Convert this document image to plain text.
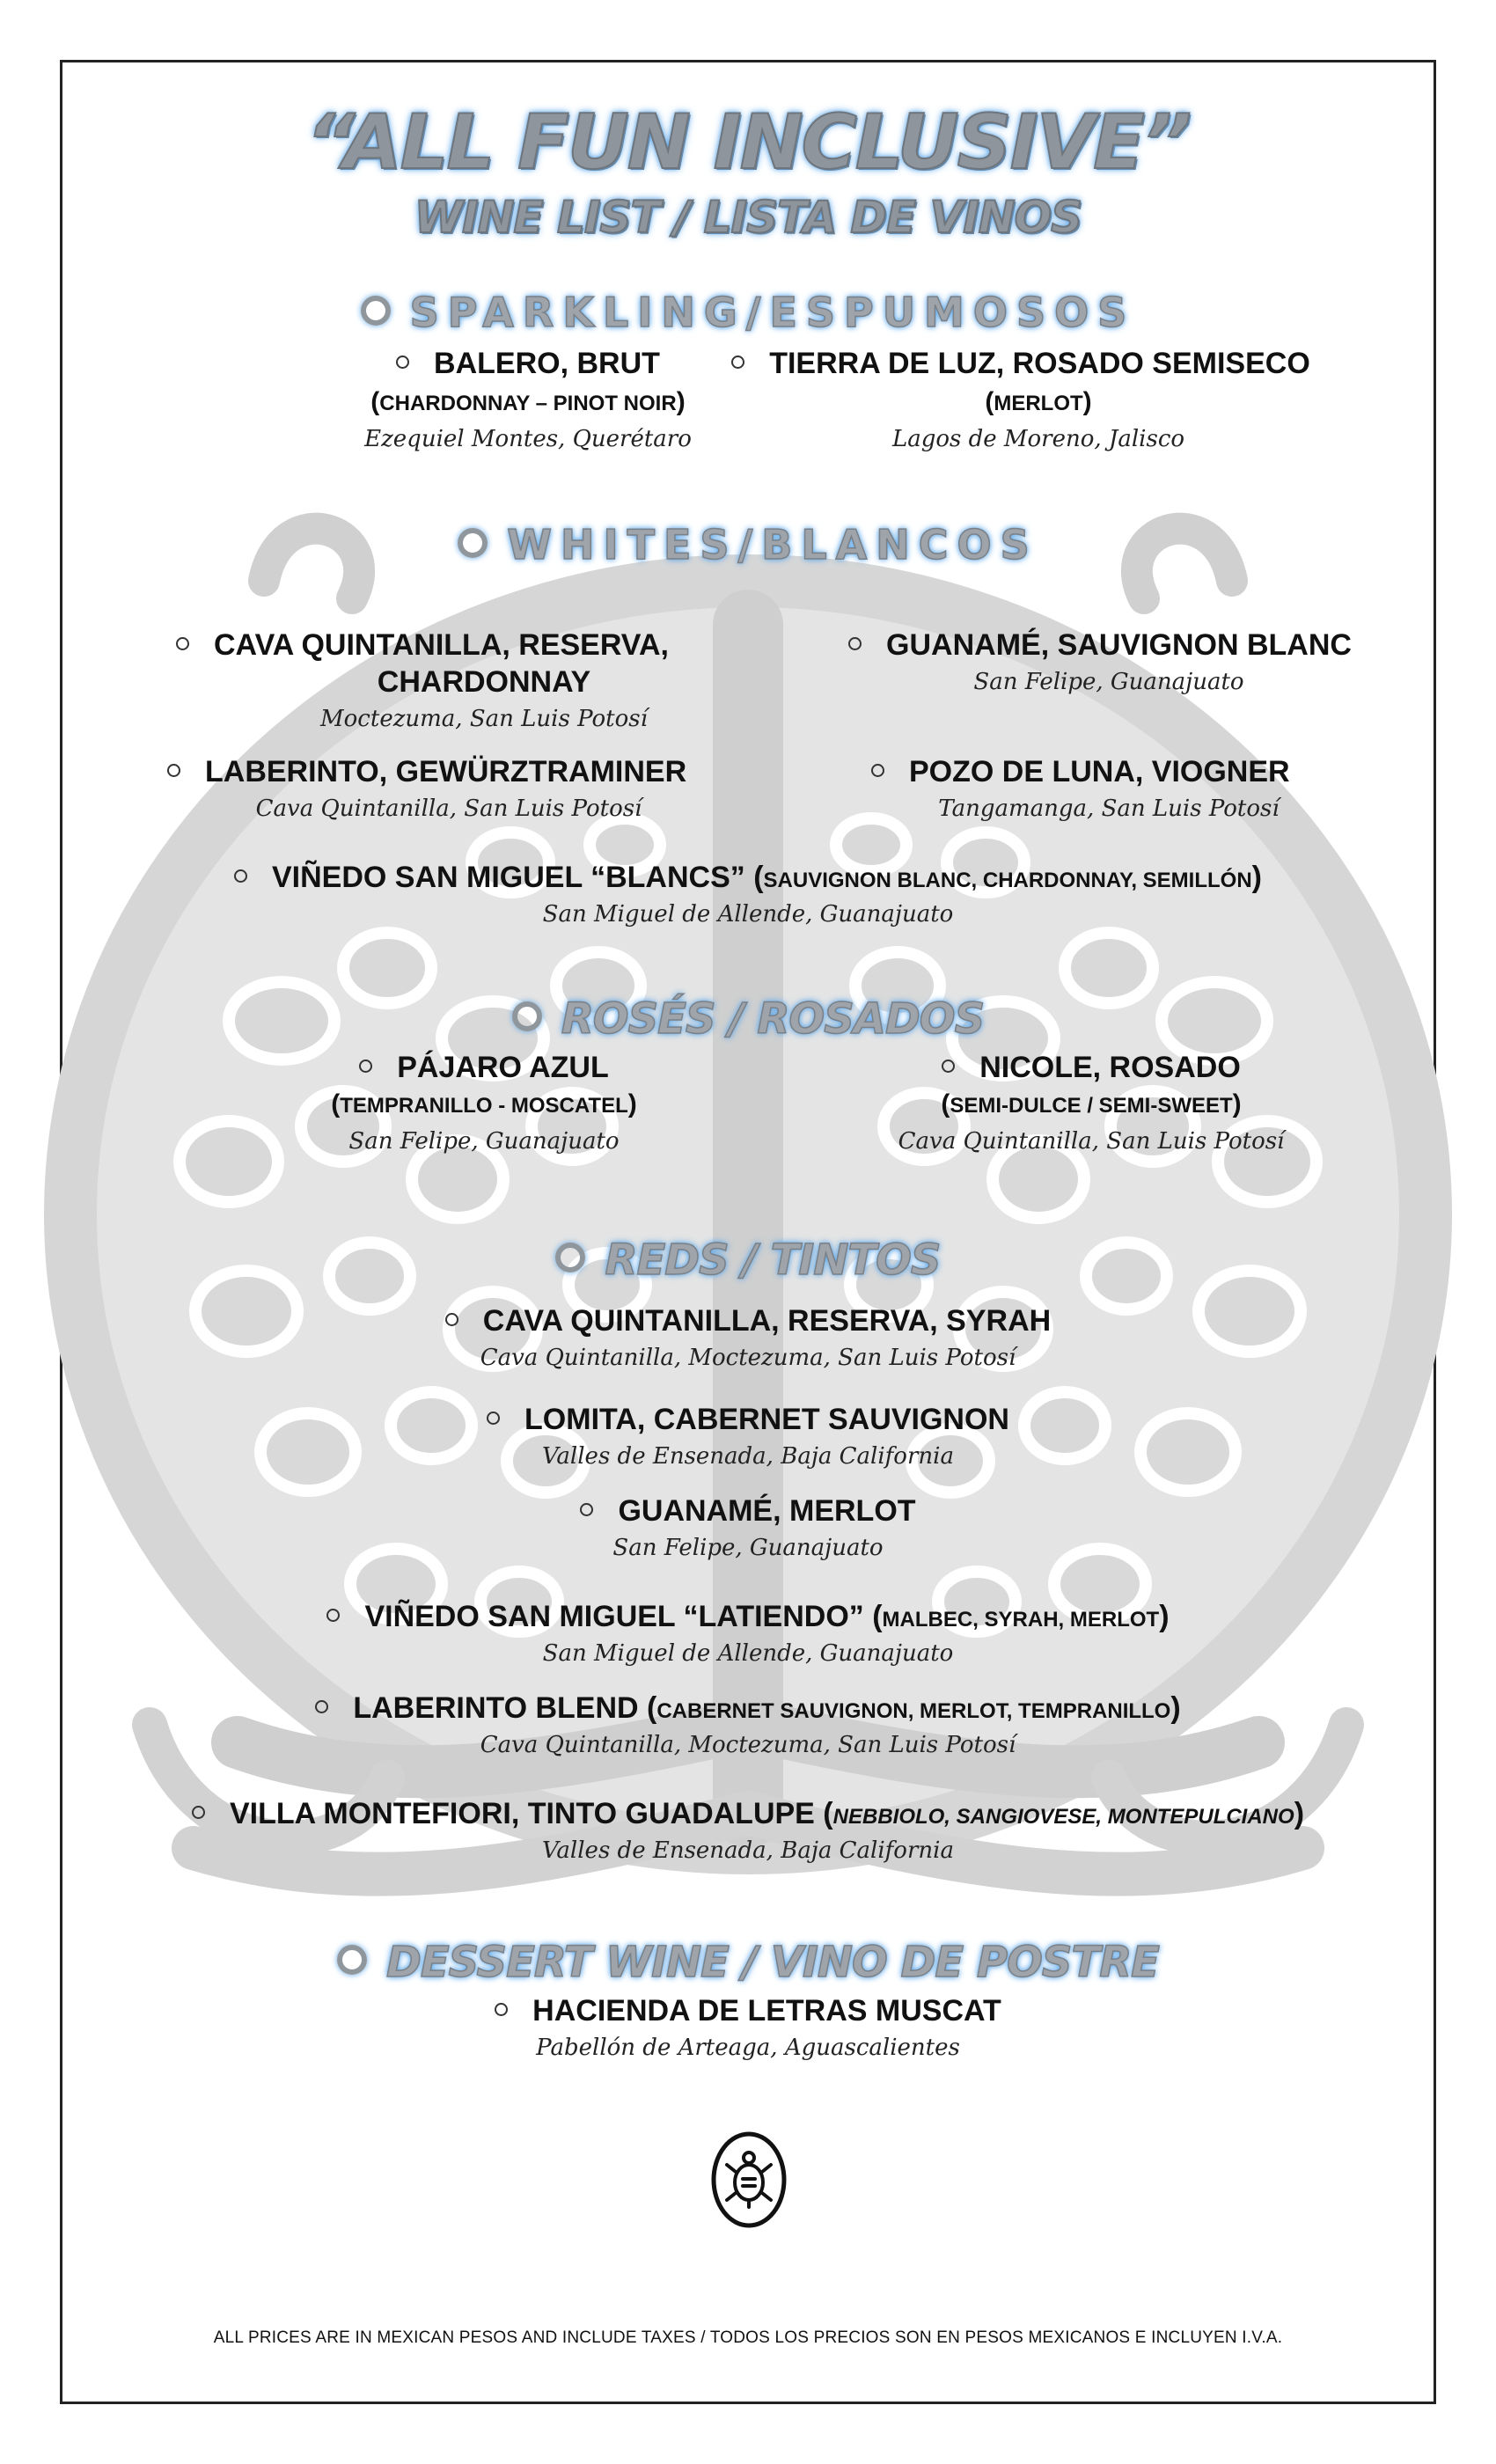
“ALL FUN INCLUSIVE”
WINE LIST / LISTA DE VINOS
SPARKLING/ESPUMOSOS
BALERO, BRUT
(CHARDONNAY – PINOT NOIR)
Ezequiel Montes, Querétaro
TIERRA DE LUZ, ROSADO SEMISECO
(MERLOT)
Lagos de Moreno, Jalisco
WHITES/BLANCOS
CAVA QUINTANILLA, RESERVA,
CHARDONNAY
Moctezuma, San Luis Potosí
GUANAMÉ, SAUVIGNON BLANC
San Felipe, Guanajuato
LABERINTO, GEWÜRZTRAMINER
Cava Quintanilla, San Luis Potosí
POZO DE LUNA, VIOGNER
Tangamanga, San Luis Potosí
VIÑEDO SAN MIGUEL “BLANCS” (SAUVIGNON BLANC, CHARDONNAY, SEMILLÓN)
San Miguel de Allende, Guanajuato
ROSÉS / ROSADOS
PÁJARO AZUL
(TEMPRANILLO - MOSCATEL)
San Felipe, Guanajuato
NICOLE, ROSADO
(SEMI-DULCE / SEMI-SWEET)
Cava Quintanilla, San Luis Potosí
REDS / TINTOS
CAVA QUINTANILLA, RESERVA, SYRAH
Cava Quintanilla, Moctezuma, San Luis Potosí
LOMITA, CABERNET SAUVIGNON
Valles de Ensenada, Baja California
GUANAMÉ, MERLOT
San Felipe, Guanajuato
VIÑEDO SAN MIGUEL “LATIENDO” (MALBEC, SYRAH, MERLOT)
San Miguel de Allende, Guanajuato
LABERINTO BLEND (CABERNET SAUVIGNON, MERLOT, TEMPRANILLO)
Cava Quintanilla, Moctezuma, San Luis Potosí
VILLA MONTEFIORI, TINTO GUADALUPE (NEBBIOLO, SANGIOVESE, MONTEPULCIANO)
Valles de Ensenada, Baja California
DESSERT WINE / VINO DE POSTRE
HACIENDA DE LETRAS MUSCAT
Pabellón de Arteaga, Aguascalientes
ALL PRICES ARE IN MEXICAN PESOS AND INCLUDE TAXES / TODOS LOS PRECIOS SON EN PESOS MEXICANOS E INCLUYEN I.V.A.
